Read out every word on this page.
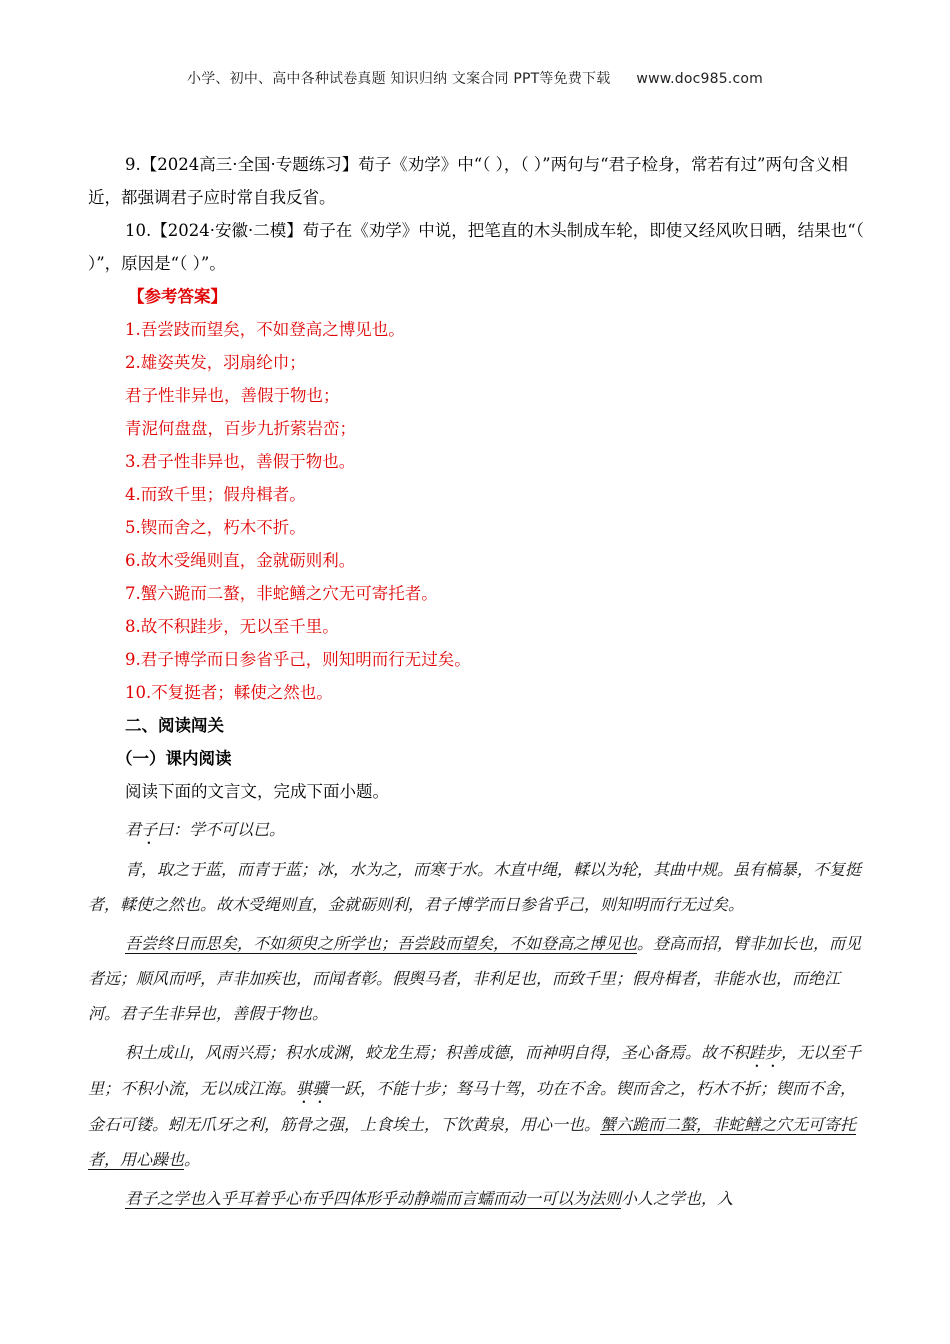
小学、初中、高中各种试卷真题 知识归纳 文案合同 PPT等免费下载 www.doc985.com

9.【2024高三·全国·专题练习】荀子《劝学》中“（ ），（ ）”两句与“君子检身，常若有过”两句含义相近，都强调君子应时常自我反省。

10.【2024·安徽·二模】荀子在《劝学》中说，把笔直的木头制成车轮，即使又经风吹日晒，结果也“（ ）”，原因是“（ ）”。

【参考答案】

1.吾尝跂而望矣，不如登高之博见也。

2.雄姿英发，羽扇纶巾；

君子性非异也，善假于物也；

青泥何盘盘，百步九折萦岩峦；

3.君子性非异也，善假于物也。

4.而致千里；假舟楫者。

5.锲而舍之，朽木不折。

6.故木受绳则直，金就砺则利。

7.蟹六跪而二螯，非蛇鳝之穴无可寄托者。

8.故不积跬步，无以至千里。

9.君子博学而日参省乎己，则知明而行无过矣。

10.不复挺者；輮使之然也。

二、阅读闯关

（一）课内阅读

阅读下面的文言文，完成下面小题。

君子曰：学不可以已。

青，取之于蓝，而青于蓝；冰，水为之，而寒于水。木直中绳，輮以为轮，其曲中规。虽有槁暴，不复挺者，輮使之然也。故木受绳则直，金就砺则利，君子博学而日参省乎己，则知明而行无过矣。

吾尝终日而思矣，不如须臾之所学也；吾尝跂而望矣，不如登高之博见也。登高而招，臂非加长也，而见者远；顺风而呼，声非加疾也，而闻者彰。假舆马者，非利足也，而致千里；假舟楫者，非能水也，而绝江河。君子生非异也，善假于物也。

积土成山，风雨兴焉；积水成渊，蛟龙生焉；积善成德，而神明自得，圣心备焉。故不积跬步，无以至千里；不积小流，无以成江海。骐骥一跃，不能十步；驽马十驾，功在不舍。锲而舍之，朽木不折；锲而不舍，金石可镂。蚓无爪牙之利，筋骨之强，上食埃土，下饮黄泉，用心一也。蟹六跪而二螯，非蛇鳝之穴无可寄托者，用心躁也。

君子之学也入乎耳着乎心布乎四体形乎动静端而言蠕而动一可以为法则小人之学也，入
